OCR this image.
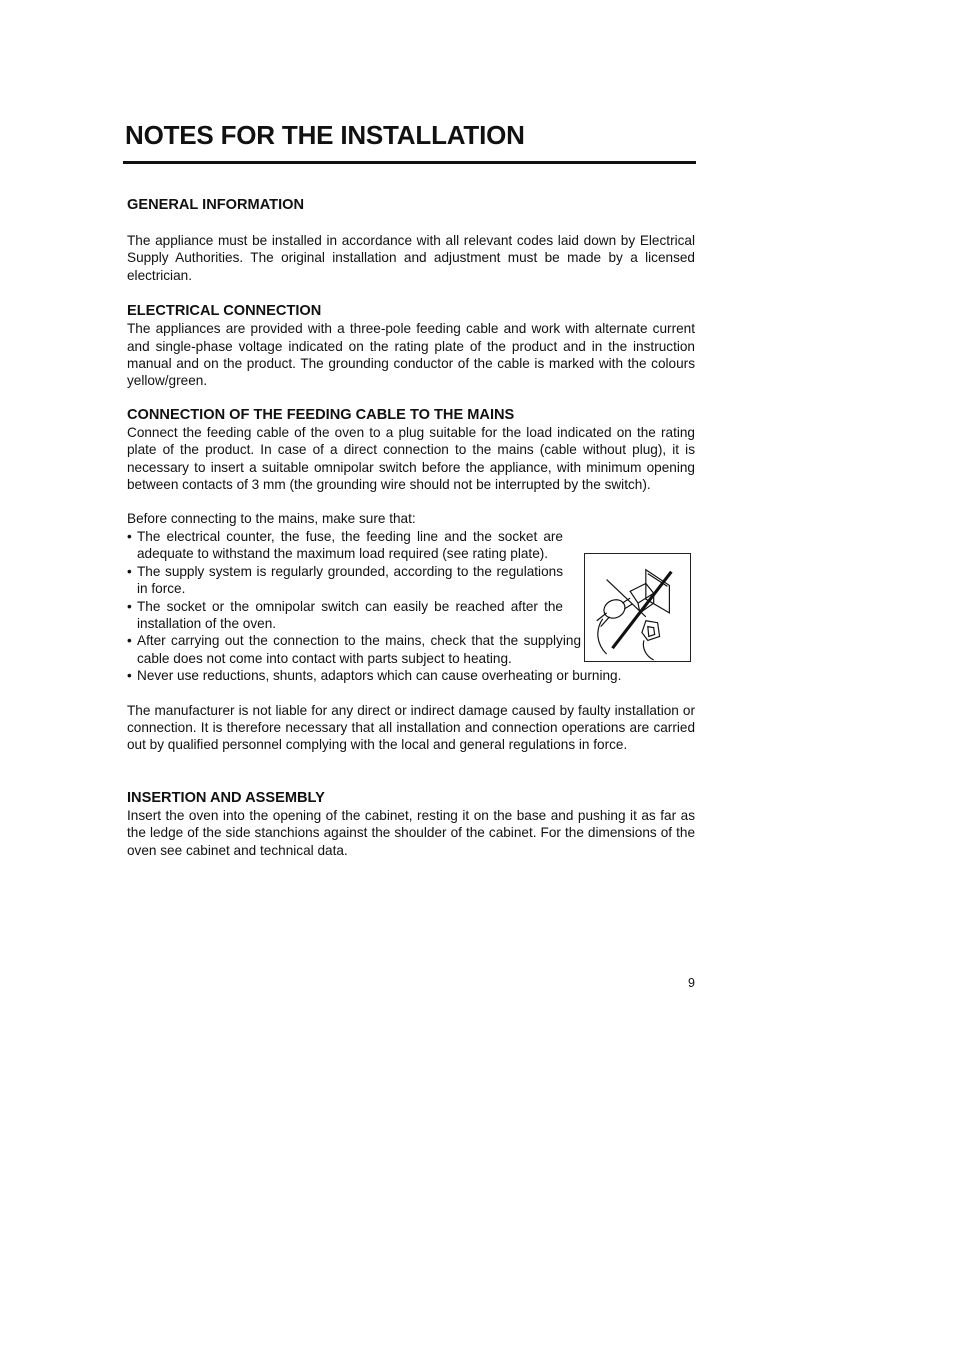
NOTES FOR THE INSTALLATION
GENERAL INFORMATION

The appliance must be installed in accordance with all relevant codes laid down by Electrical Supply Authorities. The original installation and adjustment must be made by a licensed electrician.

ELECTRICAL CONNECTION

The appliances are provided with a three-pole feeding cable and work with alternate current and single-phase voltage indicated on the rating plate of the product and in the instruction manual and on the product. The grounding conductor of the cable is marked with the colours yellow/green.

CONNECTION OF THE FEEDING CABLE TO THE MAINS

Connect the feeding cable of the oven to a plug suitable for the load indicated on the rating plate of the product. In case of a direct connection to the mains (cable without plug), it is necessary to insert a suitable omnipolar switch before the appliance, with minimum opening between contacts of 3 mm (the grounding wire should not be interrupted by the switch).

Before connecting to the mains, make sure that:

• The electrical counter, the fuse, the feeding line and the socket are adequate to withstand the maximum load required (see rating plate).
• The supply system is regularly grounded, according to the regulations in force.
• The socket or the omnipolar switch can easily be reached after the installation of the oven.
• After carrying out the connection to the mains, check that the supplying cable does not come into contact with parts subject to heating.
• Never use reductions, shunts, adaptors which can cause overheating or burning.

The manufacturer is not liable for any direct or indirect damage caused by faulty installation or connection. It is therefore necessary that all installation and connection operations are carried out by qualified personnel complying with the local and general regulations in force.

INSERTION AND ASSEMBLY

Insert the oven into the opening of the cabinet, resting it on the base and pushing it as far as the ledge of the side stanchions against the shoulder of the cabinet. For the dimensions of the oven see cabinet and technical data.

9
